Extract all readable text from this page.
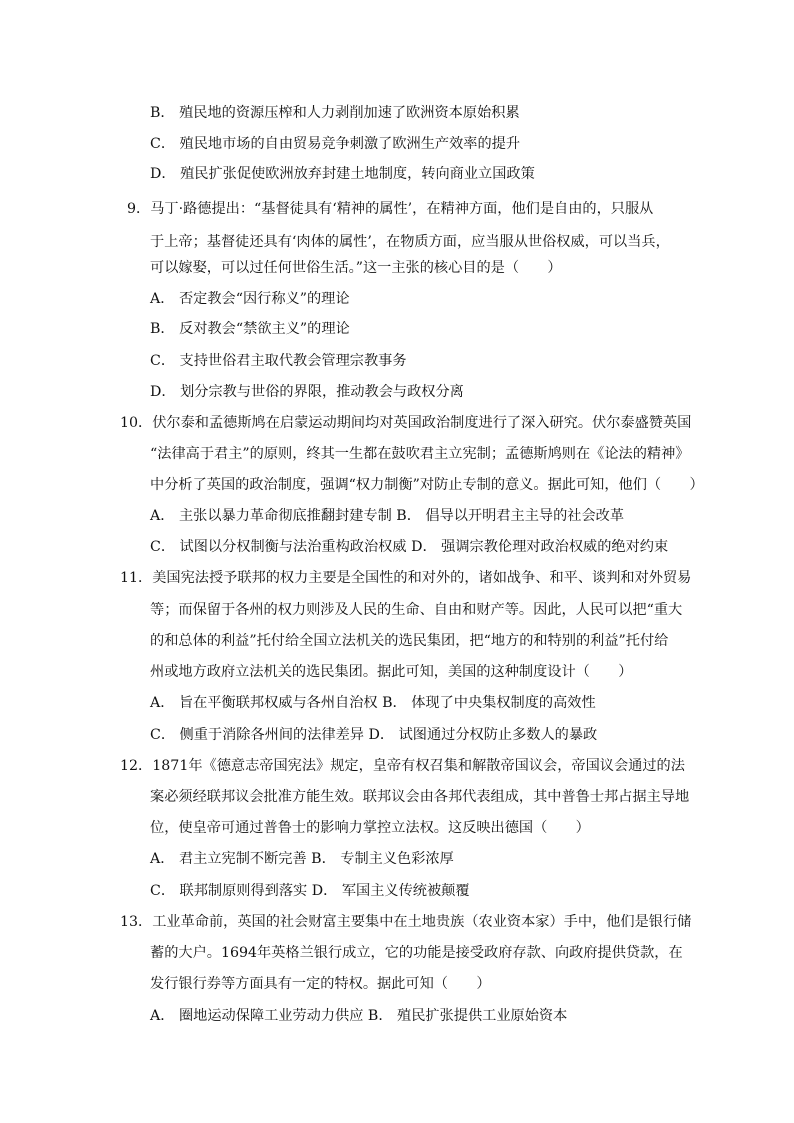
B． 殖民地的资源压榨和人力剥削加速了欧洲资本原始积累
C． 殖民地市场的自由贸易竞争刺激了欧洲生产效率的提升
D． 殖民扩张促使欧洲放弃封建土地制度，转向商业立国政策
9．马丁·路德提出：“基督徒具有‘精神的属性’，在精神方面，他们是自由的，只服从
于上帝；基督徒还具有‘肉体的属性’，在物质方面，应当服从世俗权威，可以当兵，
可以嫁娶，可以过任何世俗生活。”这一主张的核心目的是（　　）
A． 否定教会“因行称义”的理论
B． 反对教会“禁欲主义”的理论
C． 支持世俗君主取代教会管理宗教事务
D． 划分宗教与世俗的界限，推动教会与政权分离
10．伏尔泰和孟德斯鸠在启蒙运动期间均对英国政治制度进行了深入研究。伏尔泰盛赞英国
“法律高于君主”的原则，终其一生都在鼓吹君主立宪制；孟德斯鸠则在《论法的精神》
中分析了英国的政治制度，强调“权力制衡”对防止专制的意义。据此可知，他们（　　）
A． 主张以暴力革命彻底推翻封建专制 B． 倡导以开明君主主导的社会改革
C． 试图以分权制衡与法治重构政治权威 D． 强调宗教伦理对政治权威的绝对约束
11．美国宪法授予联邦的权力主要是全国性的和对外的，诸如战争、和平、谈判和对外贸易
等；而保留于各州的权力则涉及人民的生命、自由和财产等。因此，人民可以把“重大
的和总体的利益”托付给全国立法机关的选民集团，把“地方的和特别的利益”托付给
州或地方政府立法机关的选民集团。据此可知，美国的这种制度设计（　　）
A． 旨在平衡联邦权威与各州自治权 B． 体现了中央集权制度的高效性
C． 侧重于消除各州间的法律差异 D． 试图通过分权防止多数人的暴政
12．1871年《德意志帝国宪法》规定，皇帝有权召集和解散帝国议会，帝国议会通过的法
案必须经联邦议会批准方能生效。联邦议会由各邦代表组成，其中普鲁士邦占据主导地
位，使皇帝可通过普鲁士的影响力掌控立法权。这反映出德国（　　）
A． 君主立宪制不断完善 B． 专制主义色彩浓厚
C． 联邦制原则得到落实 D． 军国主义传统被颠覆
13．工业革命前，英国的社会财富主要集中在土地贵族（农业资本家）手中，他们是银行储
蓄的大户。1694年英格兰银行成立，它的功能是接受政府存款、向政府提供贷款，在
发行银行券等方面具有一定的特权。据此可知（　　）
A． 圈地运动保障工业劳动力供应 B． 殖民扩张提供工业原始资本
